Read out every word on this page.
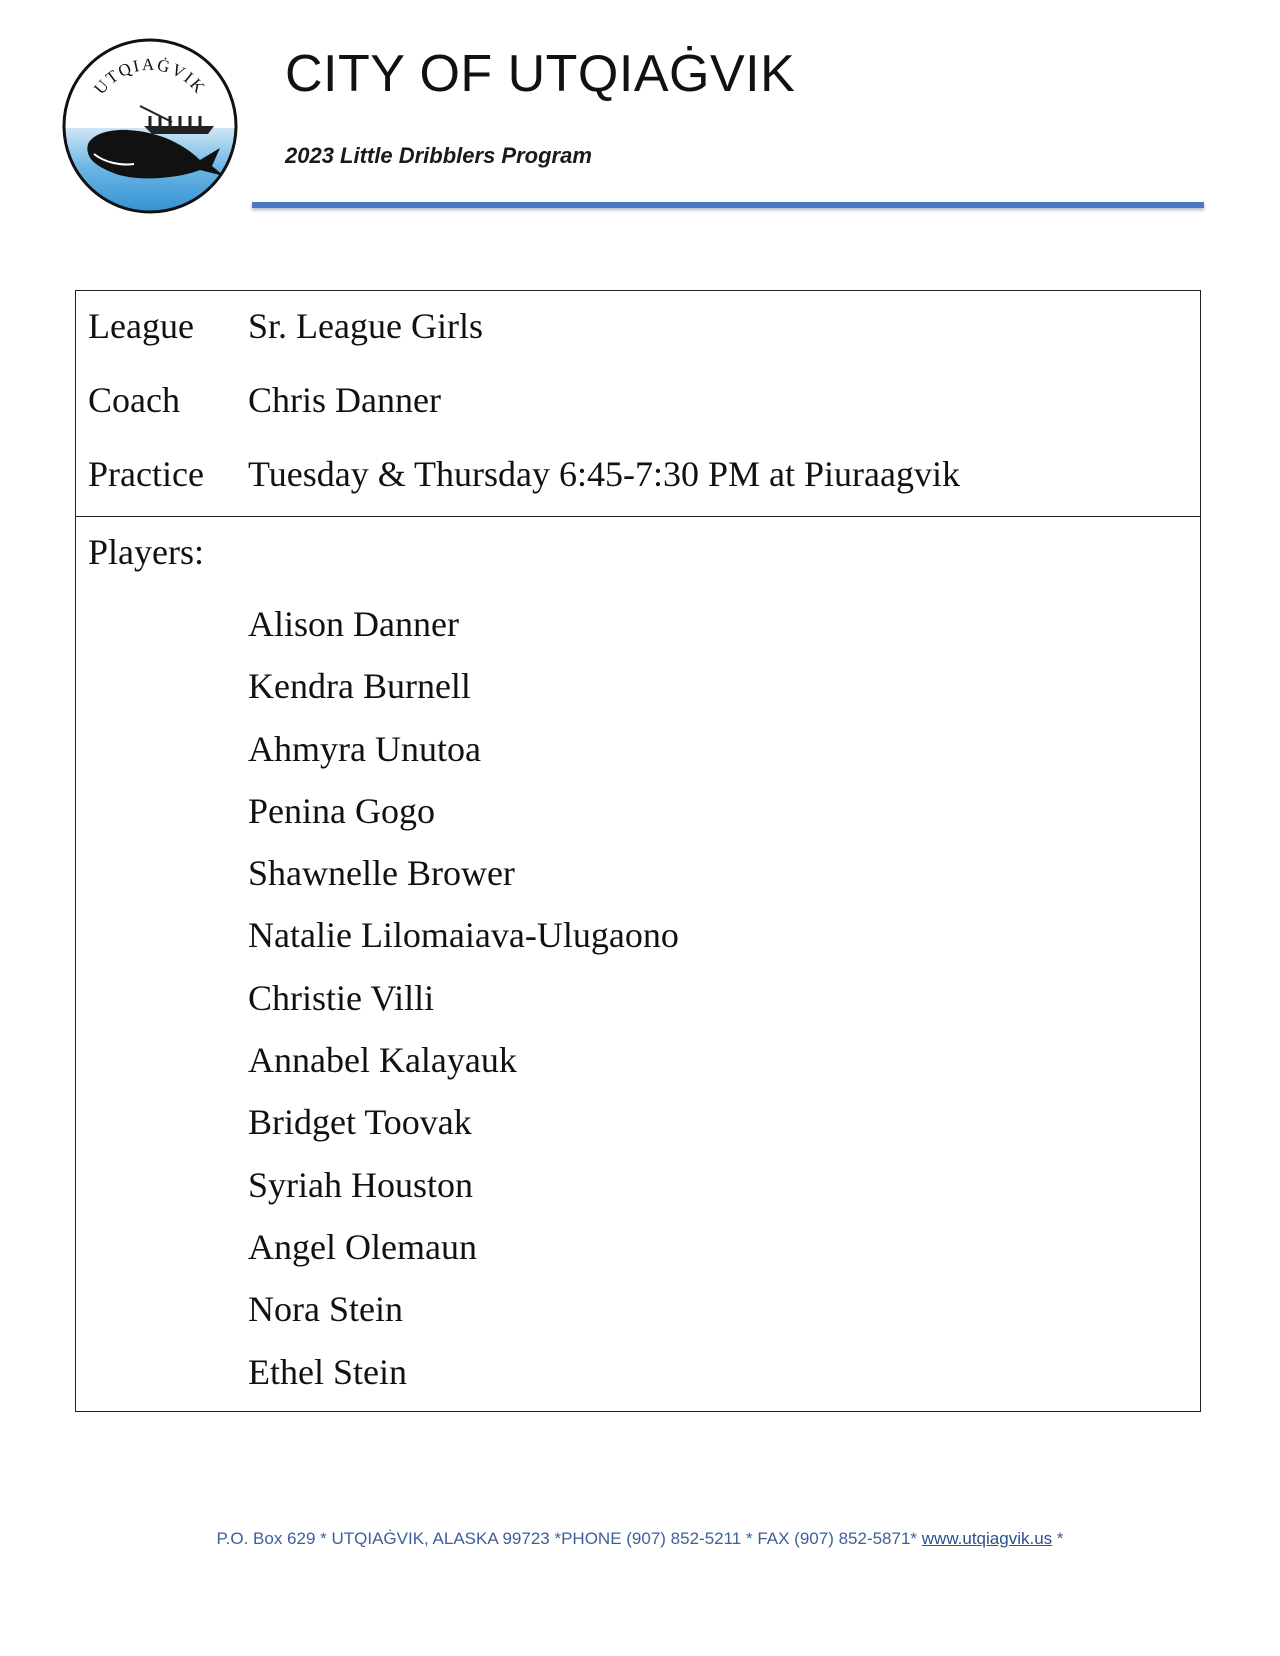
UTQIAĠVIK CITY OF UTQIAĠVIK
2023 Little Dribblers Program
League Sr. League Girls
Coach Chris Danner
Practice Tuesday & Thursday 6:45-7:30 PM at Piuraagvik
Players:
Alison Danner
Kendra Burnell
Ahmyra Unutoa
Penina Gogo
Shawnelle Brower
Natalie Lilomaiava-Ulugaono
Christie Villi
Annabel Kalayauk
Bridget Toovak
Syriah Houston
Angel Olemaun
Nora Stein
Ethel Stein
P.O. Box 629 * UTQIAĠVIK, ALASKA 99723 *PHONE (907) 852-5211 * FAX (907) 852-5871* www.utqiagvik.us *
